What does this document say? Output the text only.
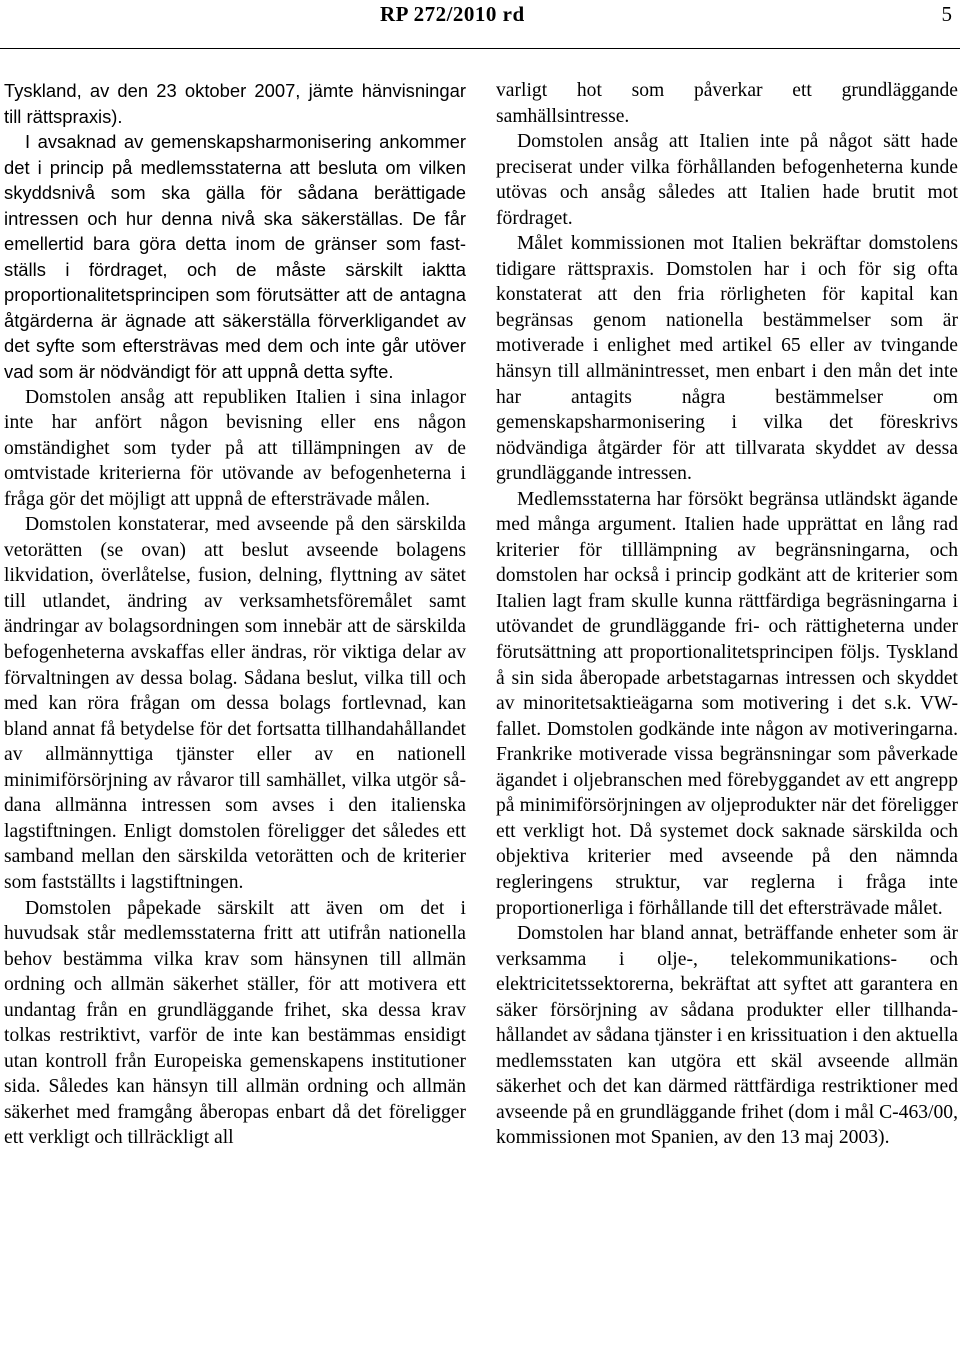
RP 272/2010 rd	5

Tyskland, av den 23 oktober 2007, jämte hänvisningar till rättspraxis).

I avsaknad av gemenskapsharmonisering ankommer det i princip på medlemsstaterna att besluta om vilken skyddsnivå som ska gälla för sådana berättigade intressen och hur denna nivå ska säkerställas. De får emellertid bara göra detta inom de gränser som fastställs i fördraget, och de måste särskilt iaktta proportionalitetsprincipen som förutsätter att de antagna åtgärderna är ägnade att säkerställa förverkligandet av det syfte som eftersträvas med dem och inte går utöver vad som är nödvändigt för att uppnå detta syfte.

Domstolen ansåg att republiken Italien i sina inlagor inte har anfört någon bevisning eller ens någon omständighet som tyder på att tillämpningen av de omtvistade kriterierna för utövande av befogenheterna i fråga gör det möjligt att uppnå de eftersträvade målen.

Domstolen konstaterar, med avseende på den särskilda vetorätten (se ovan) att beslut avseende bolagens likvidation, överlåtelse, fusion, delning, flyttning av sätet till utlandet, ändring av verksamhetsföremålet samt ändringar av bolagsordningen som innebär att de särskilda befogenheterna avskaffas eller ändras, rör viktiga delar av förvaltningen av dessa bolag. Sådana beslut, vilka till och med kan röra frågan om dessa bolags fortlevnad, kan bland annat få betydelse för det fortsatta tillhandahållandet av allmännyttiga tjänster eller av en nationell minimiförsörjning av råvaror till samhället, vilka utgör sådana allmänna intressen som avses i den italienska lagstiftningen. Enligt domstolen föreligger det således ett samband mellan den särskilda vetorätten och de kriterier som fastställts i lagstiftningen.

Domstolen påpekade särskilt att även om det i huvudsak står medlemsstaterna fritt att utifrån nationella behov bestämma vilka krav som hänsynen till allmän ordning och allmän säkerhet ställer, för att motivera ett undantag från en grundläggande frihet, ska dessa krav tolkas restriktivt, varför de inte kan bestämmas ensidigt utan kontroll från Europeiska gemenskapens institutioner sida. Således kan hänsyn till allmän ordning och allmän säkerhet med framgång åberopas enbart då det föreligger ett verkligt och tillräckligt all

varligt hot som påverkar ett grundläggande samhällsintresse.

Domstolen ansåg att Italien inte på något sätt hade preciserat under vilka förhållanden befogenheterna kunde utövas och ansåg således att Italien hade brutit mot fördraget.

Målet kommissionen mot Italien bekräftar domstolens tidigare rättspraxis. Domstolen har i och för sig ofta konstaterat att den fria rörligheten för kapital kan begränsas genom nationella bestämmelser som är motiverade i enlighet med artikel 65 eller av tvingande hänsyn till allmänintresset, men enbart i den mån det inte har antagits några bestämmelser om gemenskapsharmonisering i vilka det föreskrivs nödvändiga åtgärder för att tillvarata skyddet av dessa grundläggande intressen.

Medlemsstaterna har försökt begränsa utländskt ägande med många argument. Italien hade upprättat en lång rad kriterier för tilllämpning av begränsningarna, och domstolen har också i princip godkänt att de kriterier som Italien lagt fram skulle kunna rättfärdiga begräsningarna i utövandet de grundläggande fri- och rättigheterna under förutsättning att proportionalitetsprincipen följs. Tyskland å sin sida åberopade arbetstagarnas intressen och skyddet av minoritetsaktieägarna som motivering i det s.k. VW-fallet. Domstolen godkände inte någon av motiveringarna. Frankrike motiverade vissa begränsningar som påverkade ägandet i oljebranschen med förebyggandet av ett angrepp på minimiförsörjningen av oljeprodukter när det föreligger ett verkligt hot. Då systemet dock saknade särskilda och objektiva kriterier med avseende på den nämnda regleringens struktur, var reglerna i fråga inte proportionerliga i förhållande till det eftersträvade målet.

Domstolen har bland annat, beträffande enheter som är verksamma i olje-, telekommunikations- och elektricitetssektorerna, bekräftat att syftet att garantera en säker försörjning av sådana produkter eller tillhandahållandet av sådana tjänster i en krissituation i den aktuella medlemsstaten kan utgöra ett skäl avseende allmän säkerhet och det kan därmed rättfärdiga restriktioner med avseende på en grundläggande frihet (dom i mål C-463/00, kommissionen mot Spanien, av den 13 maj 2003).
